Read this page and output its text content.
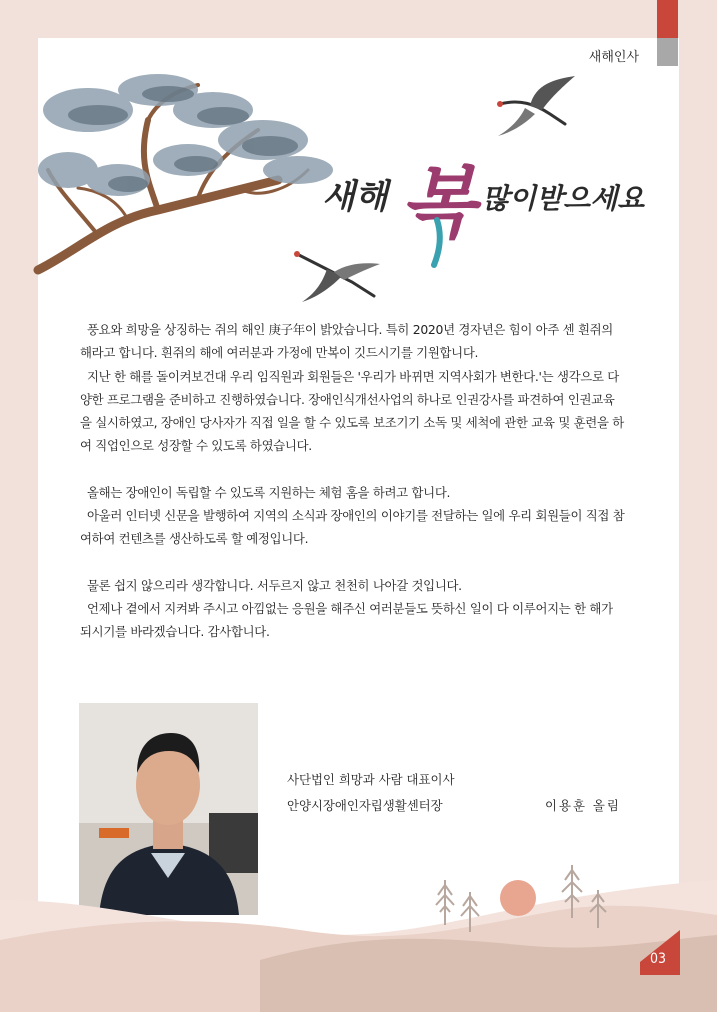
새해인사
새해 복 많이받으세요

풍요와 희망을 상징하는 쥐의 해인 庚子年이 밝았습니다. 특히 2020년 경자년은 힘이 아주 센 흰쥐의 해라고 합니다. 흰쥐의 해에 여러분과 가정에 만복이 깃드시기를 기원합니다.

지난 한 해를 돌이켜보건대 우리 임직원과 회원들은 '우리가 바뀌면 지역사회가 변한다.'는 생각으로 다양한 프로그램을 준비하고 진행하였습니다. 장애인식개선사업의 하나로 인권강사를 파견하여 인권교육을 실시하였고, 장애인 당사자가 직접 일을 할 수 있도록 보조기기 소독 및 세척에 관한 교육 및 훈련을 하여 직업인으로 성장할 수 있도록 하였습니다.

올해는 장애인이 독립할 수 있도록 지원하는 체험 홈을 하려고 합니다.

아울러 인터넷 신문을 발행하여 지역의 소식과 장애인의 이야기를 전달하는 일에 우리 회원들이 직접 참여하여 컨텐츠를 생산하도록 할 예정입니다.

물론 쉽지 않으리라 생각합니다. 서두르지 않고 천천히 나아갈 것입니다.

언제나 곁에서 지켜봐 주시고 아낌없는 응원을 해주신 여러분들도 뜻하신 일이 다 이루어지는 한 해가 되시기를 바라겠습니다. 감사합니다.

사단법인 희망과 사람 대표이사
안양시장애인자립생활센터장	이용훈 올림
03
